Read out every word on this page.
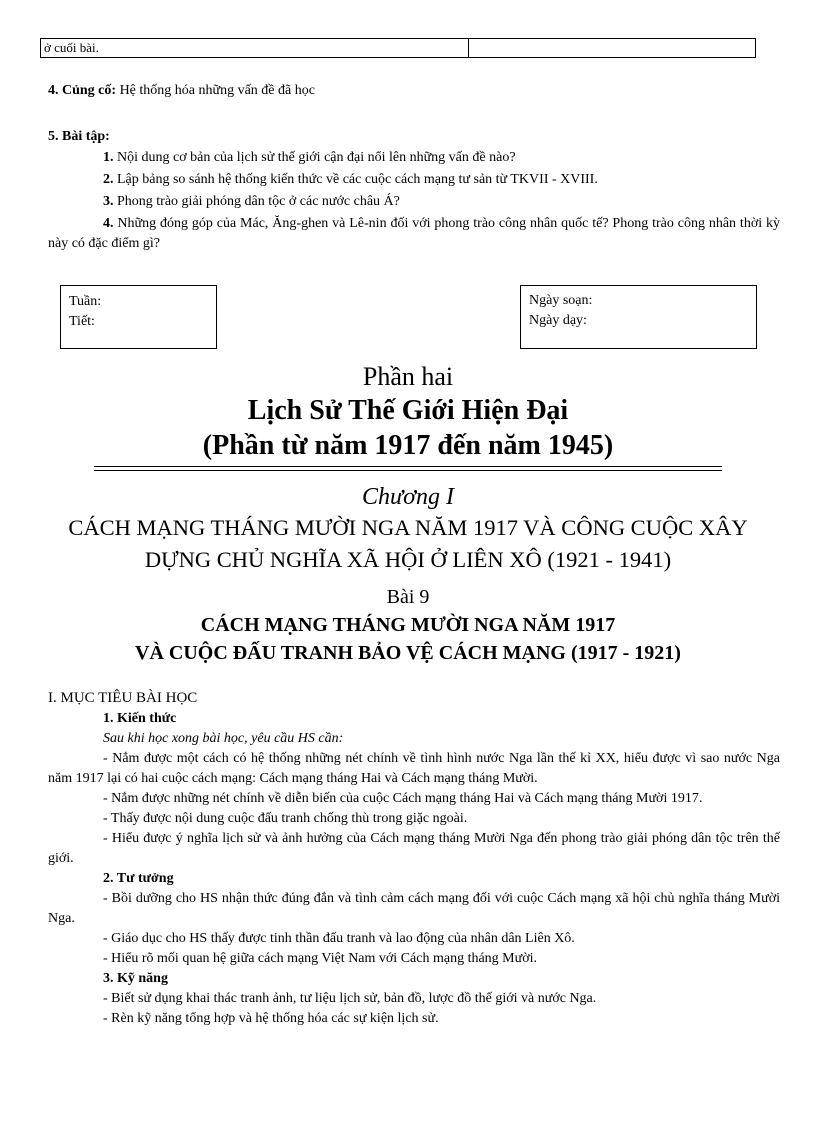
ở cuối bài.
4. Củng cố: Hệ thống hóa những vấn đề đã học
5. Bài tập:
1. Nội dung cơ bản của lịch sử thế giới cận đại nổi lên những vấn đề nào?
2. Lập bảng so sánh hệ thống kiến thức về các cuộc cách mạng tư sản từ TKVII - XVIII.
3. Phong trào giải phóng dân tộc ở các nước châu Á?
4. Những đóng góp của Mác, Ăng-ghen và Lê-nin đối với phong trào công nhân quốc tế? Phong trào công nhân thời kỳ này có đặc điểm gì?
Tuần:
Tiết:
Ngày soạn:
Ngày dạy:
Phần hai
Lịch Sử Thế Giới Hiện Đại
(Phần từ năm 1917 đến năm 1945)
Chương I
CÁCH MẠNG THÁNG MƯỜI NGA NĂM 1917 VÀ CÔNG CUỘC XÂY
DỰNG CHỦ NGHĨA XÃ HỘI Ở LIÊN XÔ (1921 - 1941)
Bài 9
CÁCH MẠNG THÁNG MƯỜI NGA NĂM 1917
VÀ CUỘC ĐẤU TRANH BẢO VỆ CÁCH MẠNG (1917 - 1921)
I. MỤC TIÊU BÀI HỌC
1. Kiến thức
Sau khi học xong bài học, yêu cầu HS cần:
- Nắm được một cách có hệ thống những nét chính về tình hình nước Nga lần thế kỉ XX, hiểu được vì sao nước Nga năm 1917 lại có hai cuộc cách mạng: Cách mạng tháng Hai và Cách mạng tháng Mười.
- Nắm được những nét chính về diễn biến của cuộc Cách mạng tháng Hai và Cách mạng tháng Mười 1917.
- Thấy được nội dung cuộc đấu tranh chống thù trong giặc ngoài.
- Hiểu được ý nghĩa lịch sử và ảnh hưởng của Cách mạng tháng Mười Nga đến phong trào giải phóng dân tộc trên thế giới.
2. Tư tưởng
- Bồi dưỡng cho HS nhận thức đúng đắn và tình cảm cách mạng đối với cuộc Cách mạng xã hội chủ nghĩa tháng Mười Nga.
- Giáo dục cho HS thấy được tinh thần đấu tranh và lao động của nhân dân Liên Xô.
- Hiểu rõ mối quan hệ giữa cách mạng Việt Nam với Cách mạng tháng Mười.
3. Kỹ năng
- Biết sử dụng khai thác tranh ảnh, tư liệu lịch sử, bản đồ, lược đồ thế giới và nước Nga.
- Rèn kỹ năng tổng hợp và hệ thống hóa các sự kiện lịch sử.
